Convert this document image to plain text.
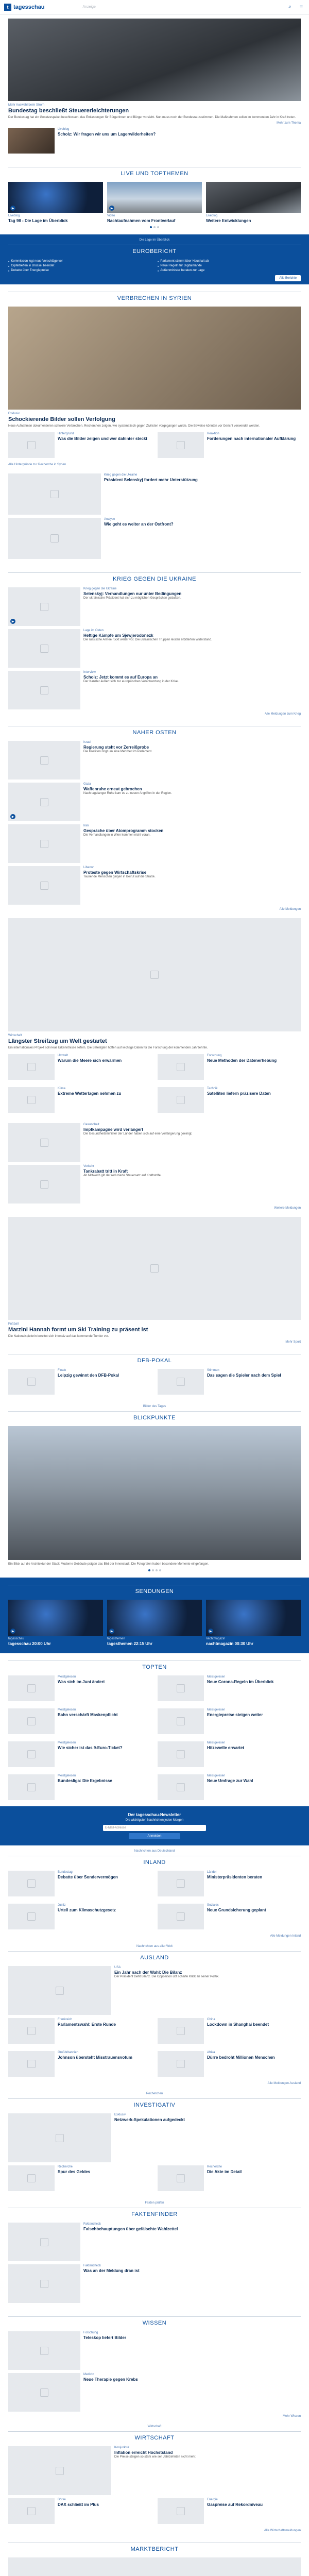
t tagesschau	Anzeige	⌕	≡
Mehr Auswahl beim Strom
Bundestag beschließt Steuererleichterungen
Der Bundestag hat ein Gesetzespaket beschlossen, das Entlastungen für Bürgerinnen und Bürger vorsieht. Nun muss noch der Bundesrat zustimmen. Die Maßnahmen sollen im kommenden Jahr in Kraft treten.
Mehr zum Thema
Liveblog
Scholz: Wir fragen wir uns um Lagerwilderheiten?
LIVE UND TOPTHEMEN
▶
Liveblog
Tag 98 - Die Lage im Überblick
▶
Video
Nachtaufnahmen vom Frontverlauf
Liveblog
Weitere Entwicklungen
Die Lage im Überblick
EUROBERICHT
■ Kommission legt neue Vorschläge vor	■ Parlament stimmt über Haushalt ab
■ Gipfeltreffen in Brüssel beendet	■ Neue Regeln für Digitalmärkte
■ Debatte über Energiepreise	■ Außenminister beraten zur Lage
Alle Berichte
VERBRECHEN IN SYRIEN
Exklusiv
Schockierende Bilder sollen Verfolgung
Neue Aufnahmen dokumentieren schwere Verbrechen. Recherchen zeigen, wie systematisch gegen Zivilisten vorgegangen wurde. Die Beweise könnten vor Gericht verwendet werden.
Hintergrund
Was die Bilder zeigen und wer dahinter steckt
Reaktion
Forderungen nach internationaler Aufklärung
Alle Hintergründe zur Recherche in Syrien
Krieg gegen die Ukraine
Präsident Selenskyj fordert mehr Unterstützung
Analyse
Wie geht es weiter an der Ostfront?
KRIEG GEGEN DIE UKRAINE
▶
Krieg gegen die Ukraine
Selenskyj: Verhandlungen nur unter Bedingungen
Der ukrainische Präsident hat sich zu möglichen Gesprächen geäußert.
Lage im Osten
Heftige Kämpfe um Sjewjerodonezk
Die russische Armee rückt weiter vor. Die ukrainischen Truppen leisten erbitterten Widerstand.
Interview
Scholz: Jetzt kommt es auf Europa an
Der Kanzler äußert sich zur europäischen Verantwortung in der Krise.
Alle Meldungen zum Krieg
NAHER OSTEN
Israel
Regierung steht vor Zerreißprobe
Die Koalition ringt um eine Mehrheit im Parlament.
▶
Gaza
Waffenruhe erneut gebrochen
Nach tagelanger Ruhe kam es zu neuen Angriffen in der Region.
Iran
Gespräche über Atomprogramm stocken
Die Verhandlungen in Wien kommen nicht voran.
Libanon
Proteste gegen Wirtschaftskrise
Tausende Menschen gingen in Beirut auf die Straße.
Alle Meldungen
Wirtschaft
Längster Streifzug um Welt gestartet
Ein internationales Projekt soll neue Erkenntnisse liefern. Die Beteiligten hoffen auf wichtige Daten für die Forschung der kommenden Jahrzehnte.
Umwelt
Warum die Meere sich erwärmen
Forschung
Neue Methoden der Datenerhebung
Klima
Extreme Wetterlagen nehmen zu
Technik
Satelliten liefern präzisere Daten
Gesundheit
Impfkampagne wird verlängert
Die Gesundheitsminister der Länder haben sich auf eine Verlängerung geeinigt.
Verkehr
Tankrabatt tritt in Kraft
Ab Mittwoch gilt der reduzierte Steuersatz auf Kraftstoffe.
Weitere Meldungen
Fußball
Marzini Hannah formt um Ski Training zu präsent ist
Die Nationalspielerin bereitet sich intensiv auf das kommende Turnier vor.
Mehr Sport
DFB-POKAL
Finale
Leipzig gewinnt den DFB-Pokal
Stimmen
Das sagen die Spieler nach dem Spiel
Bilder des Tages
BLICKPUNKTE
Ein Blick auf die Architektur der Stadt: Moderne Gebäude prägen das Bild der Innenstadt. Die Fotografen haben besondere Momente eingefangen.
SENDUNGEN
▶
tagesschau
tagesschau 20:00 Uhr
▶
tagesthemen
tagesthemen 22:15 Uhr
▶
nachtmagazin
nachtmagazin 00:30 Uhr
TOPTEN
Meistgelesen
Was sich im Juni ändert
Meistgelesen
Neue Corona-Regeln im Überblick
Meistgelesen
Bahn verschärft Maskenpflicht
Meistgelesen
Energiepreise steigen weiter
Meistgelesen
Wie sicher ist das 9-Euro-Ticket?
Meistgelesen
Hitzewelle erwartet
Meistgelesen
Bundesliga: Die Ergebnisse
Meistgelesen
Neue Umfrage zur Wahl
Der tagesschau-Newsletter
Die wichtigsten Nachrichten jeden Morgen
E-Mail-Adresse
Anmelden
Nachrichten aus Deutschland
INLAND
Bundestag
Debatte über Sondervermögen
Länder
Ministerpräsidenten beraten
Justiz
Urteil zum Klimaschutzgesetz
Soziales
Neue Grundsicherung geplant
Alle Meldungen Inland
Nachrichten aus aller Welt
AUSLAND
USA
Ein Jahr nach der Wahl: Die Bilanz
Der Präsident zieht Bilanz. Die Opposition übt scharfe Kritik an seiner Politik.
Frankreich
Parlamentswahl: Erste Runde
China
Lockdown in Shanghai beendet
Großbritannien
Johnson übersteht Misstrauensvotum
Afrika
Dürre bedroht Millionen Menschen
Alle Meldungen Ausland
Recherchen
INVESTIGATIV
Exklusiv
Netzwerk-Spekulationen aufgedeckt
Recherche
Spur des Geldes
Recherche
Die Akte im Detail
Fakten prüfen
FAKTENFINDER
Faktencheck
Falschbehauptungen über gefälschte Wahlzettel
Faktencheck
Was an der Meldung dran ist
WISSEN
Forschung
Teleskop liefert Bilder
Medizin
Neue Therapie gegen Krebs
Mehr Wissen
Wirtschaft
WIRTSCHAFT
Konjunktur
Inflation erreicht Höchststand
Die Preise steigen so stark wie seit Jahrzehnten nicht mehr.
Börse
DAX schließt im Plus
Energie
Gaspreise auf Rekordniveau
Alle Wirtschaftsmeldungen
MARKTBERICHT
